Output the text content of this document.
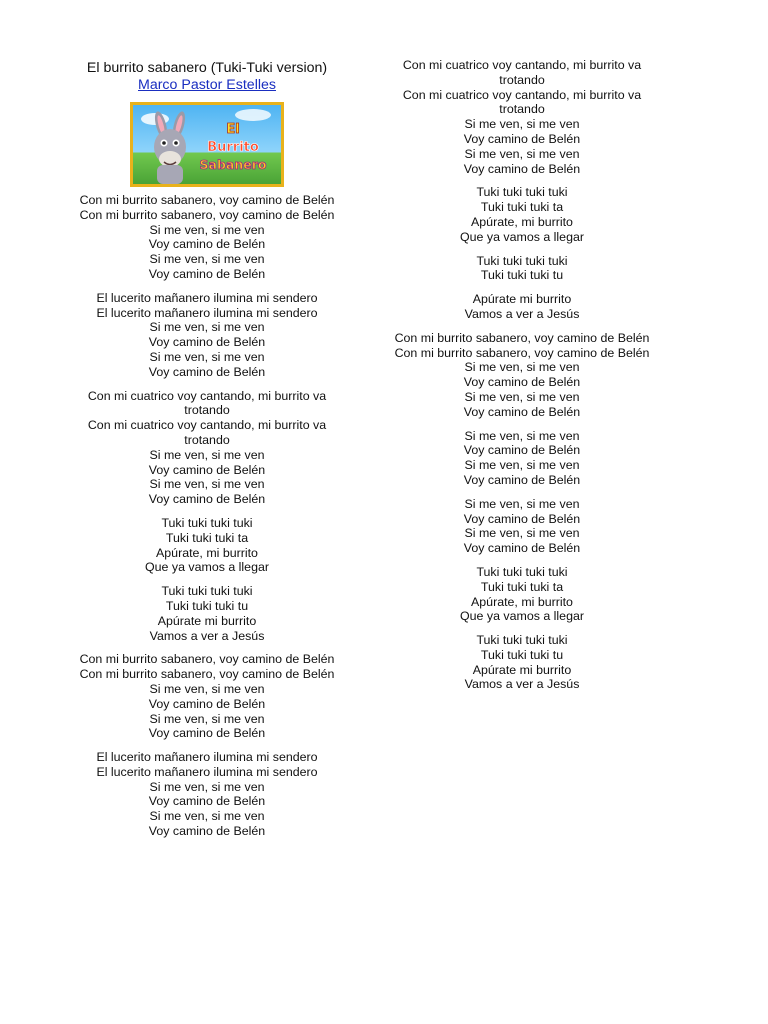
El burrito sabanero (Tuki-Tuki version)
Marco Pastor Estelles
El
Burrito
Sabanero
Con mi burrito sabanero, voy camino de Belén
Con mi burrito sabanero, voy camino de Belén
Si me ven, si me ven
Voy camino de Belén
Si me ven, si me ven
Voy camino de Belén
El lucerito mañanero ilumina mi sendero
El lucerito mañanero ilumina mi sendero
Si me ven, si me ven
Voy camino de Belén
Si me ven, si me ven
Voy camino de Belén
Con mi cuatrico voy cantando, mi burrito va trotando
Con mi cuatrico voy cantando, mi burrito va trotando
Si me ven, si me ven
Voy camino de Belén
Si me ven, si me ven
Voy camino de Belén
Tuki tuki tuki tuki
Tuki tuki tuki ta
Apúrate, mi burrito
Que ya vamos a llegar
Tuki tuki tuki tuki
Tuki tuki tuki tu
Apúrate mi burrito
Vamos a ver a Jesús
Con mi burrito sabanero, voy camino de Belén
Con mi burrito sabanero, voy camino de Belén
Si me ven, si me ven
Voy camino de Belén
Si me ven, si me ven
Voy camino de Belén
El lucerito mañanero ilumina mi sendero
El lucerito mañanero ilumina mi sendero
Si me ven, si me ven
Voy camino de Belén
Si me ven, si me ven
Voy camino de Belén
Con mi cuatrico voy cantando, mi burrito va trotando
Con mi cuatrico voy cantando, mi burrito va trotando
Si me ven, si me ven
Voy camino de Belén
Si me ven, si me ven
Voy camino de Belén
Tuki tuki tuki tuki
Tuki tuki tuki ta
Apúrate, mi burrito
Que ya vamos a llegar
Tuki tuki tuki tuki
Tuki tuki tuki tu
Apúrate mi burrito
Vamos a ver a Jesús
Con mi burrito sabanero, voy camino de Belén
Con mi burrito sabanero, voy camino de Belén
Si me ven, si me ven
Voy camino de Belén
Si me ven, si me ven
Voy camino de Belén
Si me ven, si me ven
Voy camino de Belén
Si me ven, si me ven
Voy camino de Belén
Si me ven, si me ven
Voy camino de Belén
Si me ven, si me ven
Voy camino de Belén
Tuki tuki tuki tuki
Tuki tuki tuki ta
Apúrate, mi burrito
Que ya vamos a llegar
Tuki tuki tuki tuki
Tuki tuki tuki tu
Apúrate mi burrito
Vamos a ver a Jesús
